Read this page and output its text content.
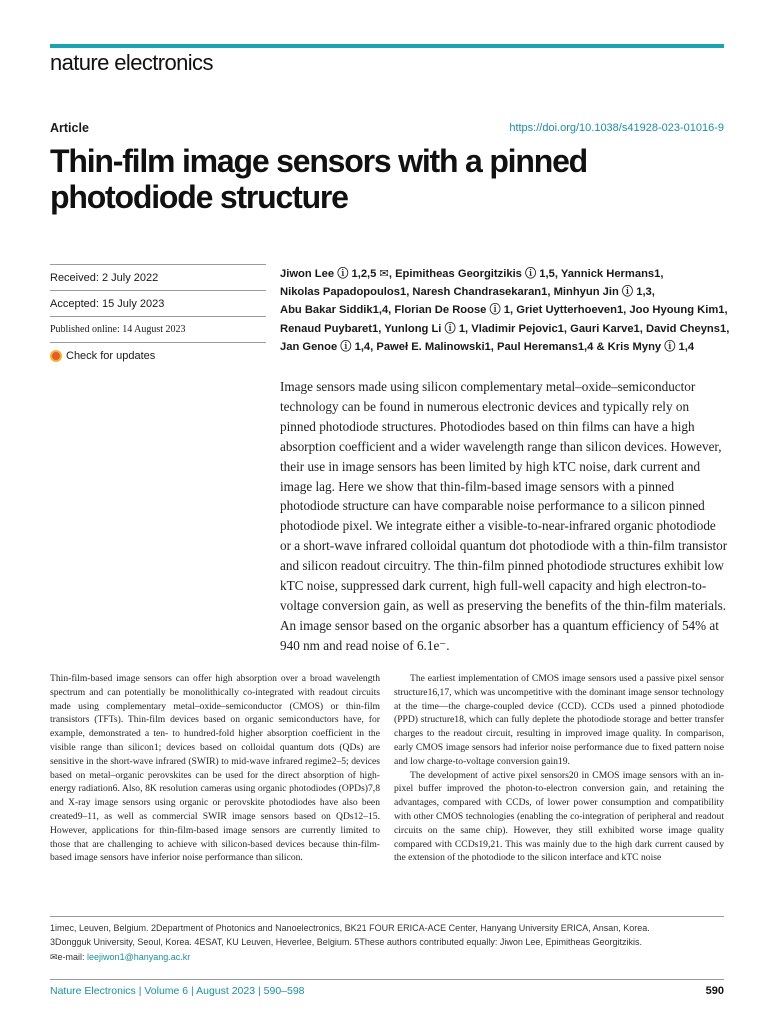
nature electronics
Article	https://doi.org/10.1038/s41928-023-01016-9
Thin-film image sensors with a pinned photodiode structure
Received: 2 July 2022
Accepted: 15 July 2023
Published online: 14 August 2023
Check for updates
Jiwon Lee ⓘ 1,2,5 ✉, Epimitheas Georgitzikis ⓘ 1,5, Yannick Hermans1,
Nikolas Papadopoulos1, Naresh Chandrasekaran1, Minhyun Jin ⓘ 1,3,
Abu Bakar Siddik1,4, Florian De Roose ⓘ 1, Griet Uytterhoeven1, Joo Hyoung Kim1,
Renaud Puybaret1, Yunlong Li ⓘ 1, Vladimir Pejovic1, Gauri Karve1, David Cheyns1,
Jan Genoe ⓘ 1,4, Paweł E. Malinowski1, Paul Heremans1,4 & Kris Myny ⓘ 1,4
Image sensors made using silicon complementary metal–oxide–semiconductor technology can be found in numerous electronic devices and typically rely on pinned photodiode structures. Photodiodes based on thin films can have a high absorption coefficient and a wider wavelength range than silicon devices. However, their use in image sensors has been limited by high kTC noise, dark current and image lag. Here we show that thin-film-based image sensors with a pinned photodiode structure can have comparable noise performance to a silicon pinned photodiode pixel. We integrate either a visible-to-near-infrared organic photodiode or a short-wave infrared colloidal quantum dot photodiode with a thin-film transistor and silicon readout circuitry. The thin-film pinned photodiode structures exhibit low kTC noise, suppressed dark current, high full-well capacity and high electron-to-voltage conversion gain, as well as preserving the benefits of the thin-film materials. An image sensor based on the organic absorber has a quantum efficiency of 54% at 940 nm and read noise of 6.1e⁻.

Thin-film-based image sensors can offer high absorption over a broad wavelength spectrum and can potentially be monolithically co-integrated with readout circuits made using complementary metal–oxide–semiconductor (CMOS) or thin-film transistors (TFTs). Thin-film devices based on organic semiconductors have, for example, demonstrated a ten- to hundred-fold higher absorption coefficient in the visible range than silicon1; devices based on colloidal quantum dots (QDs) are sensitive in the short-wave infrared (SWIR) to mid-wave infrared regime2–5; devices based on metal–organic perovskites can be used for the direct absorption of high-energy radiation6. Also, 8K resolution cameras using organic photodiodes (OPDs)7,8 and X-ray image sensors using organic or perovskite photodiodes have also been created9–11, as well as commercial SWIR image sensors based on QDs12–15. However, applications for thin-film-based image sensors are currently limited to those that are challenging to achieve with silicon-based devices because thin-film-based image sensors have inferior noise performance than silicon.

The earliest implementation of CMOS image sensors used a passive pixel sensor structure16,17, which was uncompetitive with the dominant image sensor technology at the time—the charge-coupled device (CCD). CCDs used a pinned photodiode (PPD) structure18, which can fully deplete the photodiode storage and better transfer charges to the readout circuit, resulting in improved image quality. In comparison, early CMOS image sensors had inferior noise performance due to fixed pattern noise and low charge-to-voltage conversion gain19.

The development of active pixel sensors20 in CMOS image sensors with an in-pixel buffer improved the photon-to-electron conversion gain, and retaining the advantages, compared with CCDs, of lower power consumption and compatibility with other CMOS technologies (enabling the co-integration of peripheral and readout circuits on the same chip). However, they still exhibited worse image quality compared with CCDs19,21. This was mainly due to the high dark current caused by the extension of the photodiode to the silicon interface and kTC noise

1imec, Leuven, Belgium. 2Department of Photonics and Nanoelectronics, BK21 FOUR ERICA-ACE Center, Hanyang University ERICA, Ansan, Korea.
3Dongguk University, Seoul, Korea. 4ESAT, KU Leuven, Heverlee, Belgium. 5These authors contributed equally: Jiwon Lee, Epimitheas Georgitzikis.
✉e-mail: leejiwon1@hanyang.ac.kr
Nature Electronics | Volume 6 | August 2023 | 590–598	590
